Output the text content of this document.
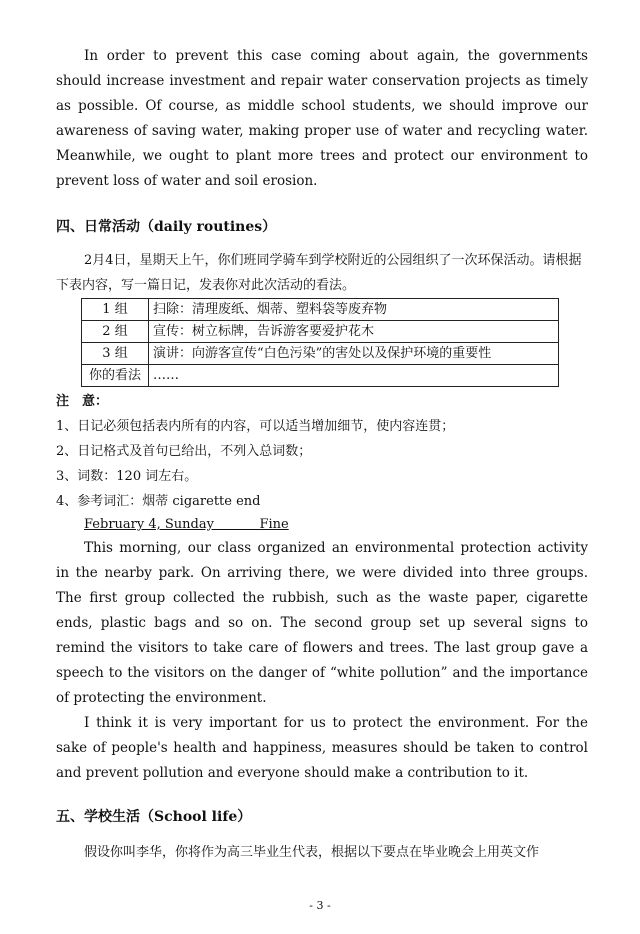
In order to prevent this case coming about again, the governments should increase investment and repair water conservation projects as timely as possible. Of course, as middle school students, we should improve our awareness of saving water, making proper use of water and recycling water. Meanwhile, we ought to plant more trees and protect our environment to prevent loss of water and soil erosion.

四、日常活动（daily routines）

2月4日，星期天上午，你们班同学骑车到学校附近的公园组织了一次环保活动。请根据下表内容，写一篇日记，发表你对此次活动的看法。

1 组	扫除：清理废纸、烟蒂、塑料袋等废弃物
2 组	宣传：树立标牌，告诉游客要爱护花木
3 组	演讲：向游客宣传“白色污染”的害处以及保护环境的重要性
你的看法	……

注　意：

1、日记必须包括表内所有的内容，可以适当增加细节，使内容连贯；

2、日记格式及首句已给出，不列入总词数；

3、词数：120 词左右。

4、参考词汇：烟蒂 cigarette end

February 4, Sunday	Fine

This morning, our class organized an environmental protection activity in the nearby park. On arriving there, we were divided into three groups. The first group collected the rubbish, such as the waste paper, cigarette ends, plastic bags and so on. The second group set up several signs to remind the visitors to take care of flowers and trees. The last group gave a speech to the visitors on the danger of “white pollution” and the importance of protecting the environment.

I think it is very important for us to protect the environment. For the sake of people's health and happiness, measures should be taken to control and prevent pollution and everyone should make a contribution to it.

五、学校生活（School life）

假设你叫李华，你将作为高三毕业生代表，根据以下要点在毕业晚会上用英文作

- 3 -
